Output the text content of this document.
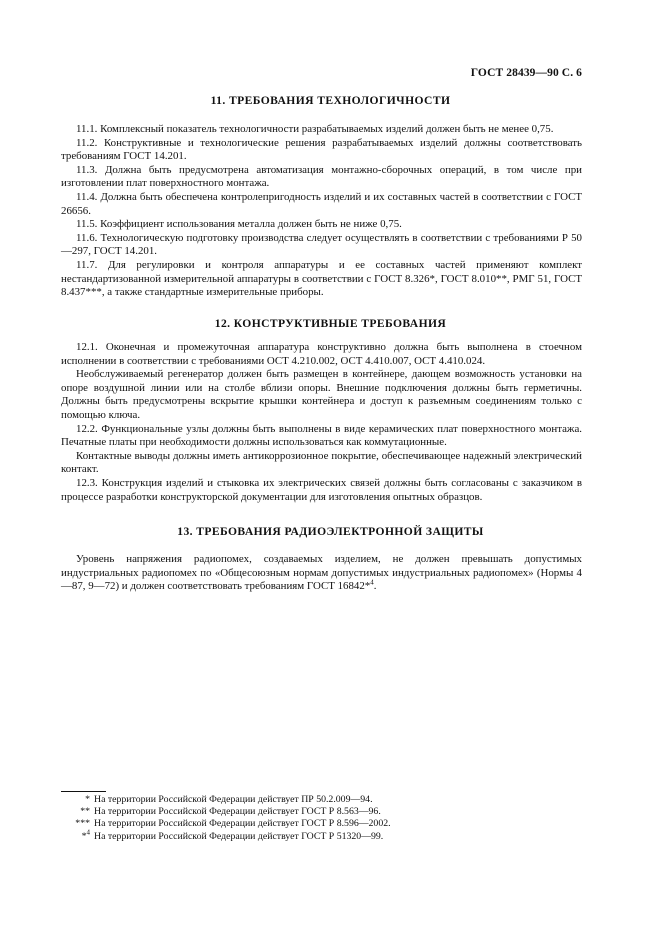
ГОСТ 28439—90 С. 6
11. ТРЕБОВАНИЯ ТЕХНОЛОГИЧНОСТИ

11.1. Комплексный показатель технологичности разрабатываемых изделий должен быть не менее 0,75.

11.2. Конструктивные и технологические решения разрабатываемых изделий должны соответствовать требованиям ГОСТ 14.201.

11.3. Должна быть предусмотрена автоматизация монтажно-сборочных операций, в том числе при изготовлении плат поверхностного монтажа.

11.4. Должна быть обеспечена контролепригодность изделий и их составных частей в соответствии с ГОСТ 26656.

11.5. Коэффициент использования металла должен быть не ниже 0,75.

11.6. Технологическую подготовку производства следует осуществлять в соответствии с требованиями Р 50—297, ГОСТ 14.201.

11.7. Для регулировки и контроля аппаратуры и ее составных частей применяют комплект нестандартизованной измерительной аппаратуры в соответствии с ГОСТ 8.326*, ГОСТ 8.010**, РМГ 51, ГОСТ 8.437***, а также стандартные измерительные приборы.

12. КОНСТРУКТИВНЫЕ ТРЕБОВАНИЯ

12.1. Оконечная и промежуточная аппаратура конструктивно должна быть выполнена в стоечном исполнении в соответствии с требованиями ОСТ 4.210.002, ОСТ 4.410.007, ОСТ 4.410.024.

Необслуживаемый регенератор должен быть размещен в контейнере, дающем возможность установки на опоре воздушной линии или на столбе вблизи опоры. Внешние подключения должны быть герметичны. Должны быть предусмотрены вскрытие крышки контейнера и доступ к разъемным соединениям только с помощью ключа.

12.2. Функциональные узлы должны быть выполнены в виде керамических плат поверхностного монтажа. Печатные платы при необходимости должны использоваться как коммутационные.

Контактные выводы должны иметь антикоррозионное покрытие, обеспечивающее надежный электрический контакт.

12.3. Конструкция изделий и стыковка их электрических связей должны быть согласованы с заказчиком в процессе разработки конструкторской документации для изготовления опытных образцов.

13. ТРЕБОВАНИЯ РАДИОЭЛЕКТРОННОЙ ЗАЩИТЫ

Уровень напряжения радиопомех, создаваемых изделием, не должен превышать допустимых индустриальных радиопомех по «Общесоюзным нормам допустимых индустриальных радиопомех» (Нормы 4—87, 9—72) и должен соответствовать требованиям ГОСТ 16842*$^4$.

* На территории Российской Федерации действует ПР 50.2.009—94.
** На территории Российской Федерации действует ГОСТ Р 8.563—96.
*** На территории Российской Федерации действует ГОСТ Р 8.596—2002.
*$^4$ На территории Российской Федерации действует ГОСТ Р 51320—99.
